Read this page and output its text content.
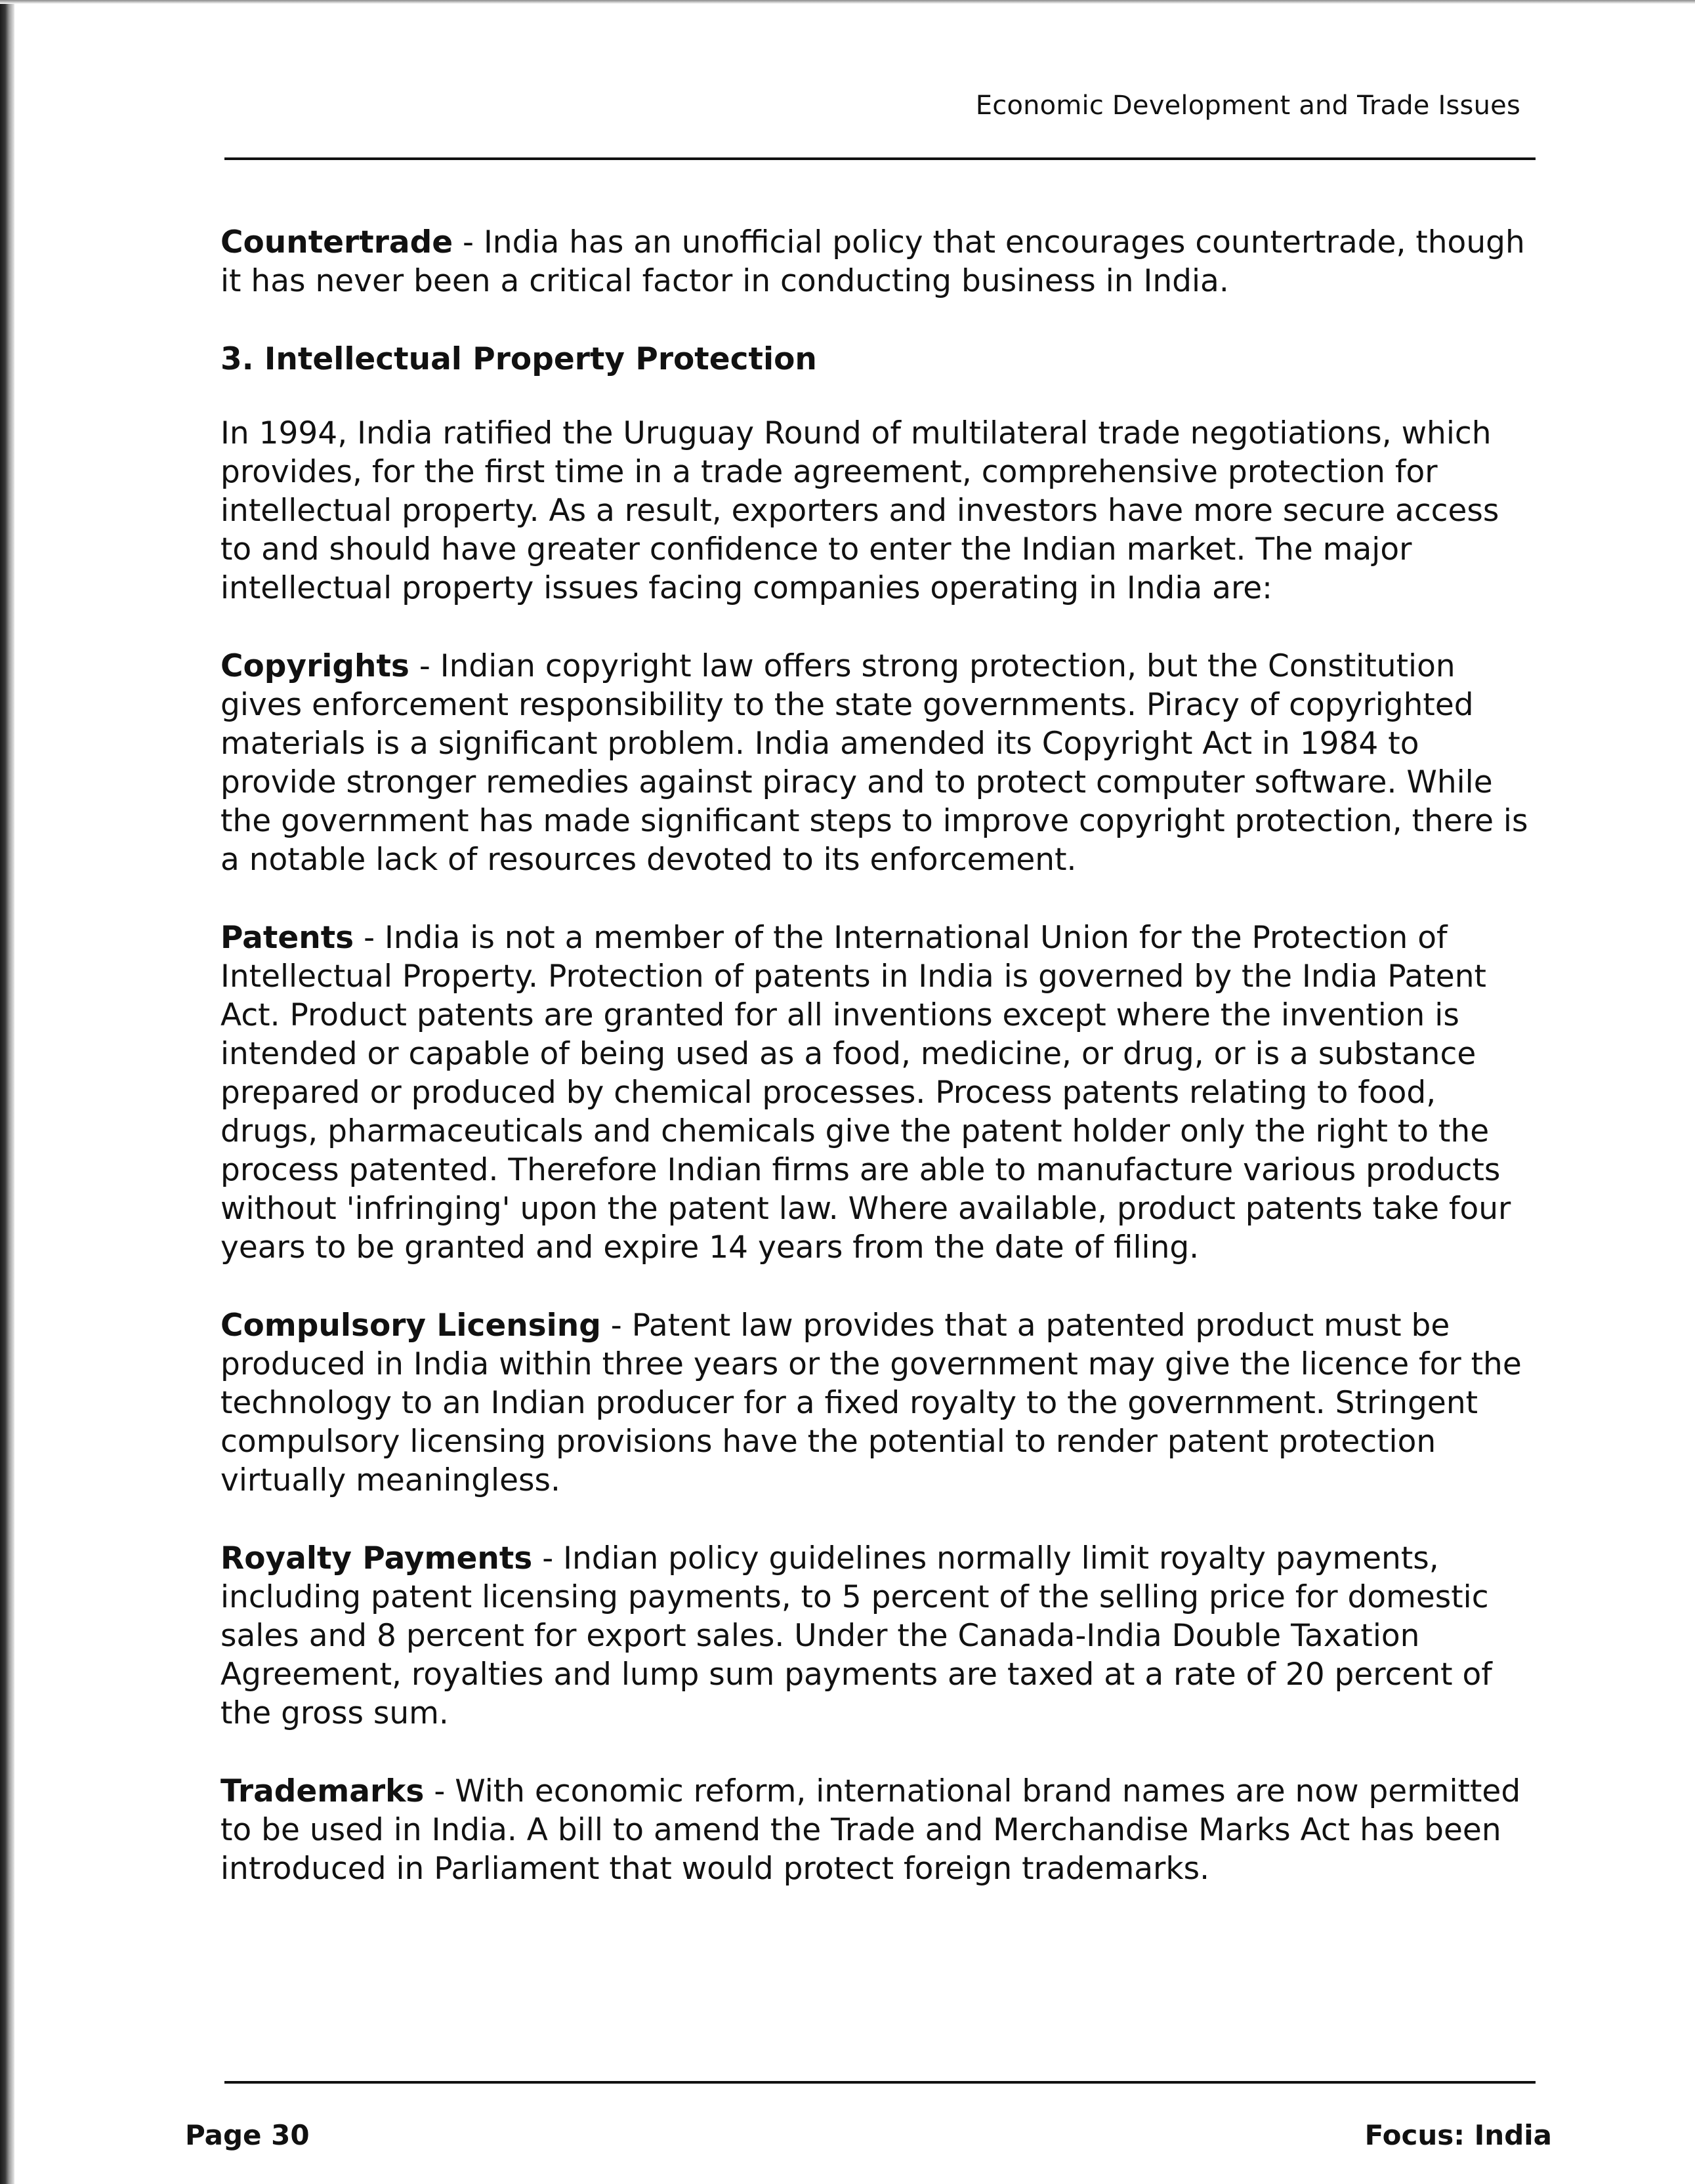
Economic Development and Trade Issues

Countertrade - India has an unofficial policy that encourages countertrade, though it has never been a critical factor in conducting business in India.

3. Intellectual Property Protection

In 1994, India ratified the Uruguay Round of multilateral trade negotiations, which provides, for the first time in a trade agreement, comprehensive protection for intellectual property. As a result, exporters and investors have more secure access to and should have greater confidence to enter the Indian market. The major intellectual property issues facing companies operating in India are:

Copyrights - Indian copyright law offers strong protection, but the Constitution gives enforcement responsibility to the state governments. Piracy of copyrighted materials is a significant problem. India amended its Copyright Act in 1984 to provide stronger remedies against piracy and to protect computer software. While the government has made significant steps to improve copyright protection, there is a notable lack of resources devoted to its enforcement.

Patents - India is not a member of the International Union for the Protection of Intellectual Property. Protection of patents in India is governed by the India Patent Act. Product patents are granted for all inventions except where the invention is intended or capable of being used as a food, medicine, or drug, or is a substance prepared or produced by chemical processes. Process patents relating to food, drugs, pharmaceuticals and chemicals give the patent holder only the right to the process patented. Therefore Indian firms are able to manufacture various products without 'infringing' upon the patent law. Where available, product patents take four years to be granted and expire 14 years from the date of filing.

Compulsory Licensing - Patent law provides that a patented product must be produced in India within three years or the government may give the licence for the technology to an Indian producer for a fixed royalty to the government. Stringent compulsory licensing provisions have the potential to render patent protection virtually meaningless.

Royalty Payments - Indian policy guidelines normally limit royalty payments, including patent licensing payments, to 5 percent of the selling price for domestic sales and 8 percent for export sales. Under the Canada-India Double Taxation Agreement, royalties and lump sum payments are taxed at a rate of 20 percent of the gross sum.

Trademarks - With economic reform, international brand names are now permitted to be used in India. A bill to amend the Trade and Merchandise Marks Act has been introduced in Parliament that would protect foreign trademarks.

Page 30	Focus: India
